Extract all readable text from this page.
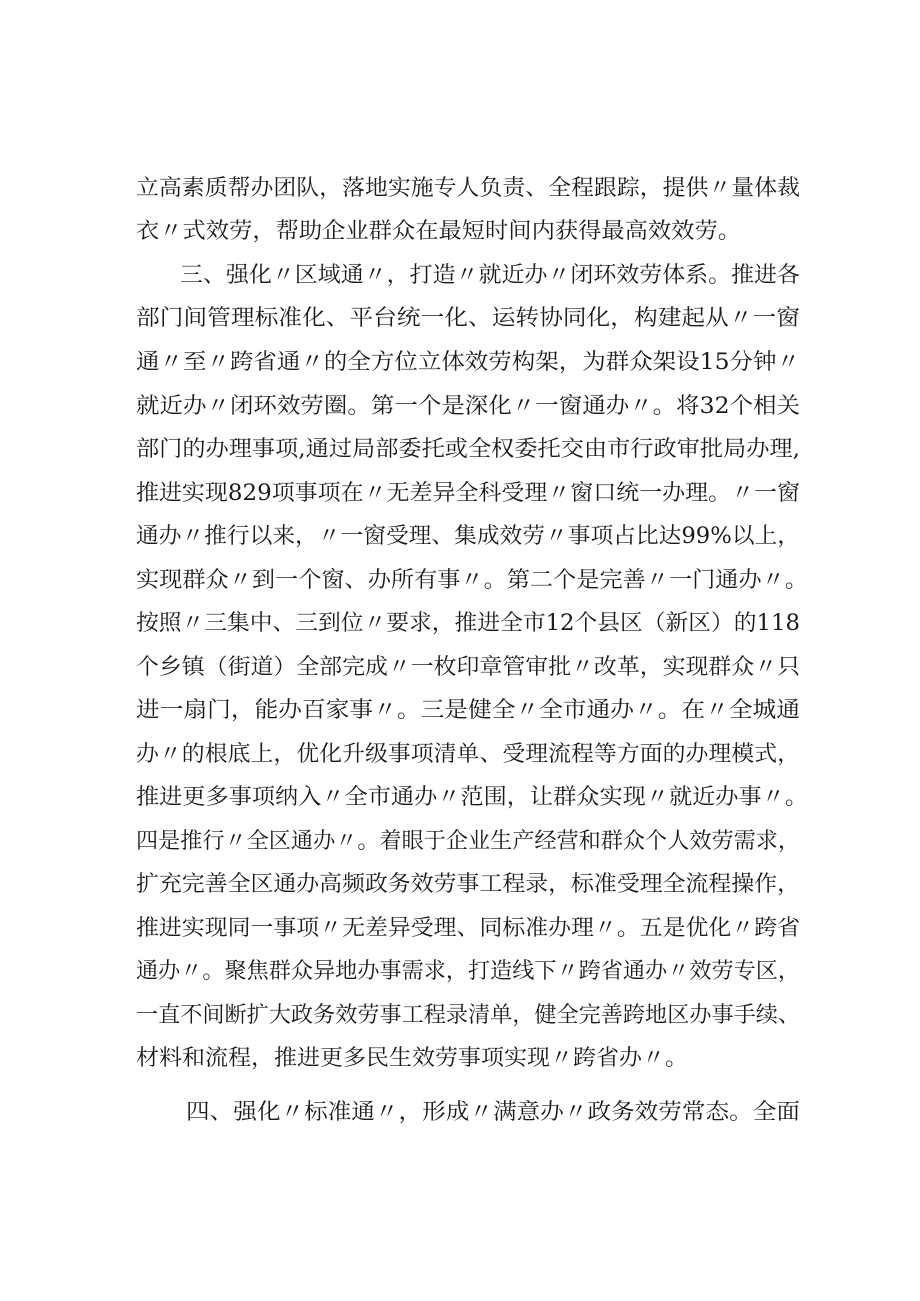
立高素质帮办团队，落地实施专人负责、全程跟踪，提供〃量体裁
衣〃式效劳，帮助企业群众在最短时间内获得最高效效劳。
三、强化〃区域通〃，打造〃就近办〃闭环效劳体系。推进各
部门间管理标准化、平台统一化、运转协同化，构建起从〃一窗
通〃至〃跨省通〃的全方位立体效劳构架，为群众架设15分钟〃
就近办〃闭环效劳圈。第一个是深化〃一窗通办〃。将32个相关
部门的办理事项,通过局部委托或全权委托交由市行政审批局办理,
推进实现829项事项在〃无差异全科受理〃窗口统一办理。〃一窗
通办〃推行以来，〃一窗受理、集成效劳〃事项占比达99%以上，
实现群众〃到一个窗、办所有事〃。第二个是完善〃一门通办〃。
按照〃三集中、三到位〃要求，推进全市12个县区（新区）的118
个乡镇（街道）全部完成〃一枚印章管审批〃改革，实现群众〃只
进一扇门，能办百家事〃。三是健全〃全市通办〃。在〃全城通
办〃的根底上，优化升级事项清单、受理流程等方面的办理模式，
推进更多事项纳入〃全市通办〃范围，让群众实现〃就近办事〃。
四是推行〃全区通办〃。着眼于企业生产经营和群众个人效劳需求，
扩充完善全区通办高频政务效劳事工程录，标准受理全流程操作，
推进实现同一事项〃无差异受理、同标准办理〃。五是优化〃跨省
通办〃。聚焦群众异地办事需求，打造线下〃跨省通办〃效劳专区，
一直不间断扩大政务效劳事工程录清单，健全完善跨地区办事手续、
材料和流程，推进更多民生效劳事项实现〃跨省办〃。
四、强化〃标准通〃，形成〃满意办〃政务效劳常态。全面
